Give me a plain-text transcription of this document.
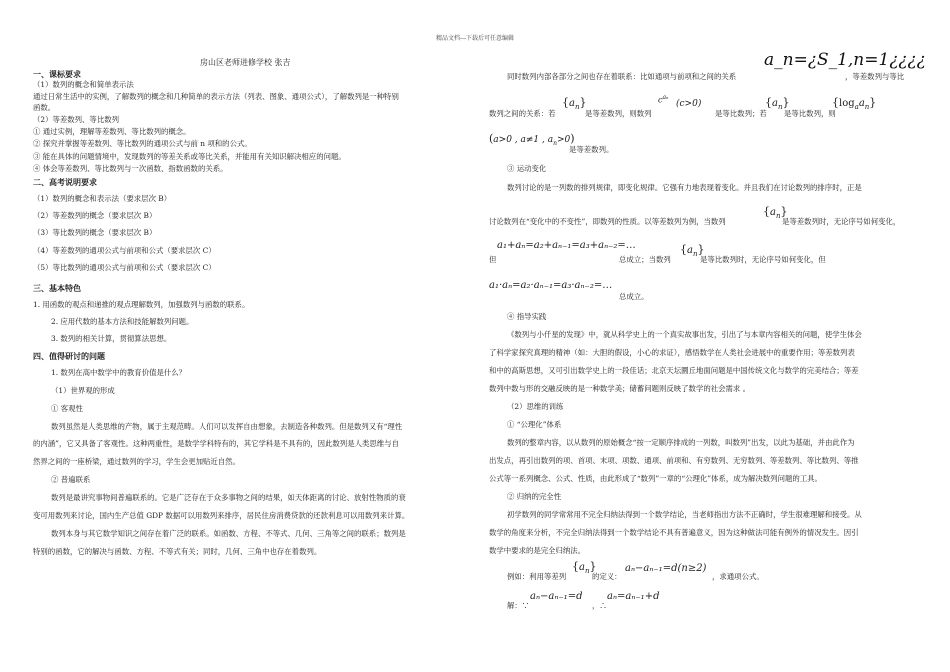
精品文档---下载后可任意编辑
房山区老师进修学校 张吉
一、课标要求
（1）数列的概念和简单表示法
通过日常生活中的实例，了解数列的概念和几种简单的表示方法（列表、图象、通项公式），了解数列是一种特别
函数。
（2）等差数列、等比数列
① 通过实例，理解等差数列、等比数列的概念。
② 探究并掌握等差数列、等比数列的通项公式与前 n 项和的公式。
③ 能在具体的问题情境中，发现数列的等差关系或等比关系，并能用有关知识解决相应的问题。
④ 体会等差数列、等比数列与一次函数、指数函数的关系。
二、高考说明要求
（1）数列的概念和表示法（要求层次 B）
（2）等差数列的概念（要求层次 B）
（3）等比数列的概念（要求层次 B）
（4）等差数列的通项公式与前项和公式（要求层次 C）
（5）等比数列的通项公式与前项和公式（要求层次 C）
三、基本特色
1. 用函数的观点和递推的观点理解数列，加强数列与函数的联系。
2. 应用代数的基本方法和技能解数列问题。
3. 数列的相关计算，贯彻算法思想。
四、值得研讨的问题
1. 数列在高中数学中的教育价值是什么？
（1）世界观的形成
① 客观性
数列虽然是人类思维的产物，属于主观范畴。人们可以发挥自由想象，去制造各种数列。但是数列又有“理性
的内涵”，它又具备了客观性。这种两重性，是数学学科特有的，其它学科是不具有的，因此数列是人类思维与自
然界之间的一座桥梁，通过数列的学习，学生会更加贴近自然。
② 普遍联系
数列是最讲究事物间普遍联系的。它是广泛存在于众多事物之间的结果，如天体距离的讨论、放射性物质的衰
变可用数列来讨论，国内生产总值 GDP 数据可以用数列来排序，居民住房消费贷款的还款利息可以用数列来计算。
数列本身与其它数学知识之间存在着广泛的联系。如函数、方程、不等式、几何、三角等之间的联系；数列是
特别的函数，它的解决与函数、方程、不等式有关；同时，几何、三角中也存在着数列。
a_n=¿S_1,n=1¿¿¿¿
同时数列内部各部分之间也存在着联系：比如通项与前项和之间的关系	，等差数列与等比
数列之间的关系：若
$\{a_n\}$
是等差数列，则数列
$c^{a_n}$
(c>0)
是等比数列；若
$\{a_n\}$
是等比数列，则
$\{\log_aa_n\}$
(a>0 , a≠1 , $a_n>0$)
是等差数列。
③ 运动变化
数列讨论的是一列数的排列规律，即变化规律。它强有力地表现着变化。并且我们在讨论数列的排序时，正是
讨论数列在“变化中的不变性”，即数列的性质。以等差数列为例，当数列
$\{a_n\}$
是等差数列时，无论序号如何变化，
a₁+aₙ=a₂+aₙ₋₁=a₃+aₙ₋₂=…
但	总成立；当数列
$\{a_n\}$
是等比数列时，无论序号如何变化，但
a₁·aₙ=a₂·aₙ₋₁=a₃·aₙ₋₂=…
总成立。
④ 指导实践
《数列与小仟星的发现》中，就从科学史上的一个真实故事出发，引出了与本章内容相关的问题，使学生体会
了科学家探究真理的精神（如：大胆的假设，小心的求证），感悟数学在人类社会进展中的重要作用；等差数列表
和中的高斯思想，又可引出数学史上的一段佳话；北京天坛圜丘地面问题是中国传统文化与数学的完美结合；等差
数列中数与形的交融反映的是一种数学美；储蓄问题则反映了数学的社会需求 。
（2）思维的训练
① “公理化”体系
数列的整章内容，以从数列的原始概念“按一定顺序排成的一列数，叫数列”出发，以此为基础，并由此作为
出发点，再引出数列的项、首项、末项、项数、通项、前项和、有穷数列、无穷数列、等差数列、等比数列、等推
公式等一系列概念、公式、性质，由此形成了“数列”一章的“公理化”体系，成为解决数列问题的工具。
② 归纳的完全性
初学数列的同学常常用不完全归纳法得到一个数学结论，当老师指出方法不正确时，学生很难理解和接受。从
数学的角度来分析，不完全归纳法得到一个数学结论不具有普遍意义，因为这种做法可能有例外的情况发生。因引
数学中要求的是完全归纳法。
例如：利用等差列
$\{a_n\}$
的定义：
aₙ−aₙ₋₁=d(n≥2)
，求通项公式。
解：∵
aₙ−aₙ₋₁=d
，∴
aₙ=aₙ₋₁+d
